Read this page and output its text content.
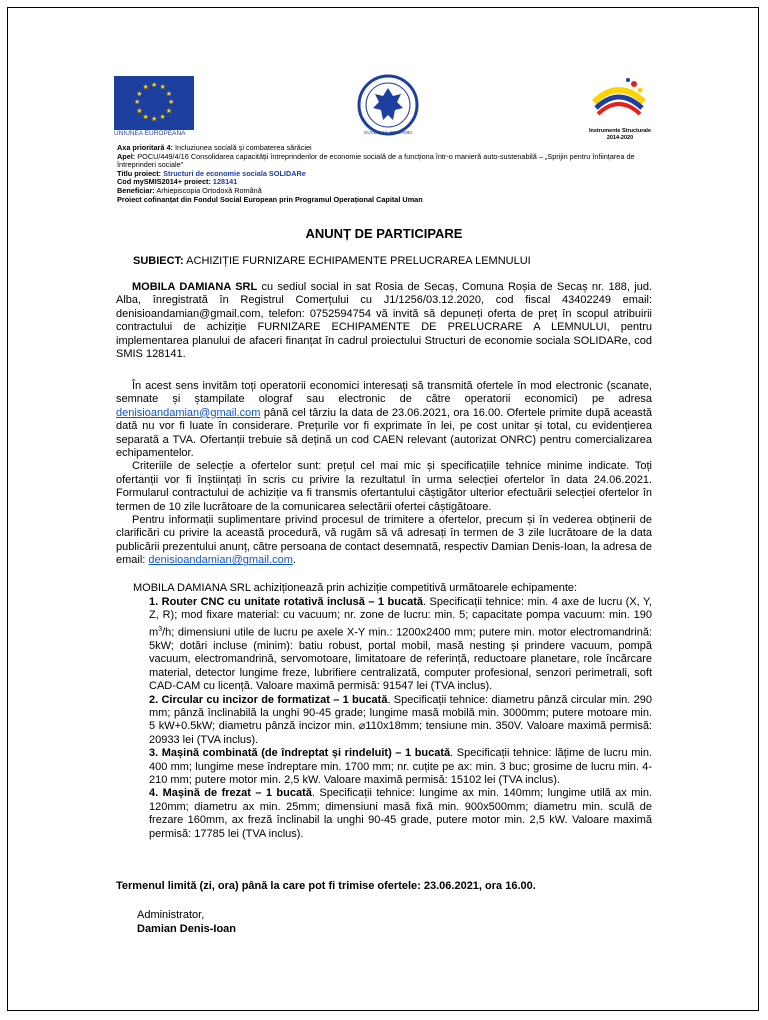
★ ★
★
★
★
★
★
★
★
★
★
★
UNIUNEA EUROPEANĂ	GUVERNUL ROMÂNIEI	Instrumente Structurale
2014-2020
Axa prioritară 4: Incluziunea socială și combaterea sărăciei
Apel: POCU/449/4/16 Consolidarea capacității întreprinderilor de economie socială de a funcționa într-o manieră auto-sustenabilă – „Sprijin pentru înființarea de întreprinderi sociale"
Titlu proiect: Structuri de economie sociala SOLIDARe
Cod mySMIS2014+ proiect: 128141
Beneficiar: Arhiepiscopia Ortodoxă Română
Proiect cofinanțat din Fondul Social European prin Programul Operațional Capital Uman
ANUNȚ DE PARTICIPARE
SUBIECT: ACHIZIȚIE FURNIZARE ECHIPAMENTE PRELUCRAREA LEMNULUI

MOBILA DAMIANA SRL cu sediul social in sat Rosia de Secaș, Comuna Roșia de Secaș nr. 188, jud. Alba, înregistrată în Registrul Comerțului cu J1/1256/03.12.2020, cod fiscal 43402249 email: denisioandamian@gmail.com, telefon: 0752594754 vă invită să depuneți oferta de preț în scopul atribuirii contractului de achiziție FURNIZARE ECHIPAMENTE DE PRELUCRARE A LEMNULUI, pentru implementarea planului de afaceri finanțat în cadrul proiectului Structuri de economie sociala SOLIDARe, cod SMIS 128141.

În acest sens invităm toți operatorii economici interesați să transmită ofertele în mod electronic (scanate, semnate și ștampilate olograf sau electronic de către operatorii economici) pe adresa denisioandamian@gmail.com până cel târziu la data de 23.06.2021, ora 16.00. Ofertele primite după această dată nu vor fi luate în considerare. Prețurile vor fi exprimate în lei, pe cost unitar și total, cu evidențierea separată a TVA. Ofertanții trebuie să dețină un cod CAEN relevant (autorizat ONRC) pentru comercializarea echipamentelor.

Criteriile de selecție a ofertelor sunt: prețul cel mai mic și specificațiile tehnice minime indicate. Toți ofertanții vor fi înștiințați în scris cu privire la rezultatul în urma selecției ofertelor în data 24.06.2021. Formularul contractului de achiziție va fi transmis ofertantului câștigător ulterior efectuării selecției ofertelor în termen de 10 zile lucrătoare de la comunicarea selectării ofertei câștigătoare.

Pentru informații suplimentare privind procesul de trimitere a ofertelor, precum și în vederea obținerii de clarificări cu privire la această procedură, vă rugăm să vă adresați în termen de 3 zile lucrătoare de la data publicării prezentului anunț, către persoana de contact desemnată, respectiv Damian Denis-Ioan, la adresa de email: denisioandamian@gmail.com.

MOBILA DAMIANA SRL achiziționează prin achiziție competitivă următoarele echipamente:

1. Router CNC cu unitate rotativă inclusă – 1 bucată. Specificații tehnice: min. 4 axe de lucru (X, Y, Z, R); mod fixare material: cu vacuum; nr. zone de lucru: min. 5; capacitate pompa vacuum: min. 190 $m^3/h$; dimensiuni utile de lucru pe axele X-Y min.: 1200x2400 mm; putere min. motor electromandrină: 5kW; dotări incluse (minim): batiu robust, portal mobil, masă nesting și prindere vacuum, pompă vacuum, electromandrină, servomotoare, limitatoare de referință, reductoare planetare, role încărcare material, detector lungime freze, lubrifiere centralizată, computer profesional, senzori perimetrali, soft CAD-CAM cu licență. Valoare maximă permisă: 91547 lei (TVA inclus).

2. Circular cu incizor de formatizat – 1 bucată. Specificații tehnice: diametru pânză circular min. 290 mm; pânză înclinabilă la unghi 90-45 grade; lungime masă mobilă min. 3000mm; putere motoare min. 5 kW+0.5kW; diametru pânză incizor min. ⌀110x18mm; tensiune min. 350V. Valoare maximă permisă: 20933 lei (TVA inclus).

3. Mașină combinată (de îndreptat și rindeluit) – 1 bucată. Specificații tehnice: lățime de lucru min. 400 mm; lungime mese îndreptare min. 1700 mm; nr. cuțite pe ax: min. 3 buc; grosime de lucru min. 4-210 mm; putere motor min. 2,5 kW. Valoare maximă permisă: 15102 lei (TVA inclus).

4. Mașină de frezat – 1 bucată. Specificații tehnice: lungime ax min. 140mm; lungime utilă ax min. 120mm; diametru ax min. 25mm; dimensiuni masă fixă min. 900x500mm; diametru min. sculă de frezare 160mm, ax freză înclinabil la unghi 90-45 grade, putere motor min. 2,5 kW. Valoare maximă permisă: 17785 lei (TVA inclus).

Termenul limită (zi, ora) până la care pot fi trimise ofertele: 23.06.2021, ora 16.00.
Administrator,
Damian Denis-Ioan
